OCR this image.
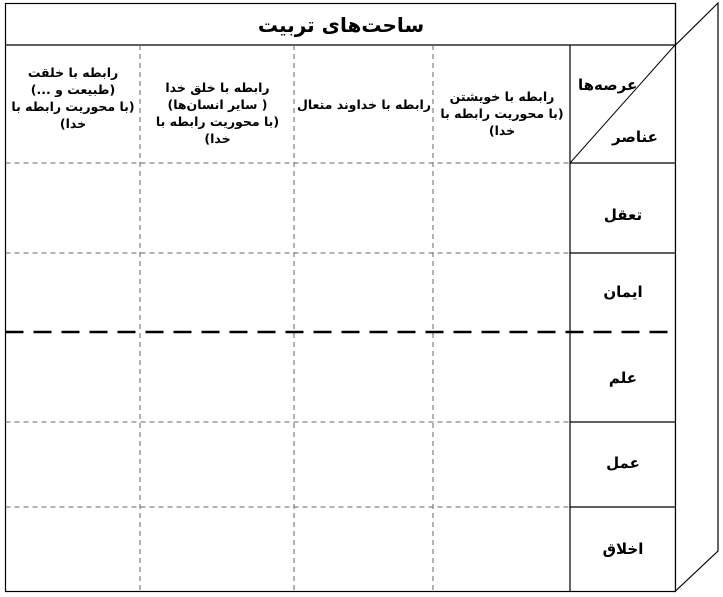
ساحت‌های تربیت
عرصه‌ها
عناصر
رابطه با خویشتن
(با محوریت رابطه با
خدا)
رابطه با خداوند متعال
رابطه با خلق خدا
( سایر انسان‌ها)
(با محوریت رابطه با خدا)
رابطه با خلقت
(طبیعت و ...)
(با محوریت رابطه با
خدا)
تعقل
ایمان
علم
عمل
اخلاق
